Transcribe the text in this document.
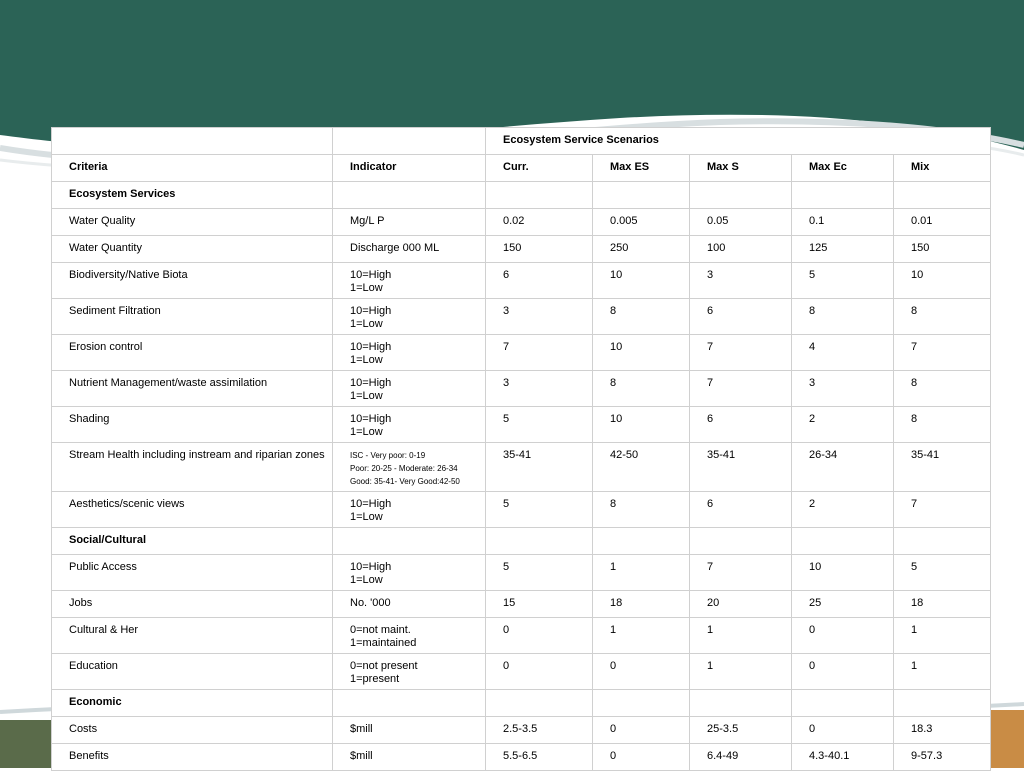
		Ecosystem Service Scenarios				
Criteria	Indicator	Curr.	Max ES	Max S	Max Ec	Mix
Ecosystem Services						
Water Quality	Mg/L P	0.02	0.005	0.05	0.1	0.01
Water Quantity	Discharge 000 ML	150	250	100	125	150
Biodiversity/Native Biota	10=High
1=Low	6	10	3	5	10
Sediment Filtration	10=High
1=Low	3	8	6	8	8
Erosion control	10=High
1=Low	7	10	7	4	7
Nutrient Management/waste assimilation	10=High
1=Low	3	8	7	3	8
Shading	10=High
1=Low	5	10	6	2	8
Stream Health including instream and riparian zones	ISC - Very poor: 0-19
Poor: 20-25 - Moderate: 26-34
Good: 35-41- Very Good:42-50	35-41	42-50	35-41	26-34	35-41
Aesthetics/scenic views	10=High
1=Low	5	8	6	2	7
Social/Cultural						
Public Access	10=High
1=Low	5	1	7	10	5
Jobs	No. '000	15	18	20	25	18
Cultural & Her	0=not maint.
1=maintained	0	1	1	0	1
Education	0=not present
1=present	0	0	1	0	1
Economic						
Costs	$mill	2.5-3.5	0	25-3.5	0	18.3
Benefits	$mill	5.5-6.5	0	6.4-49	4.3-40.1	9-57.3
